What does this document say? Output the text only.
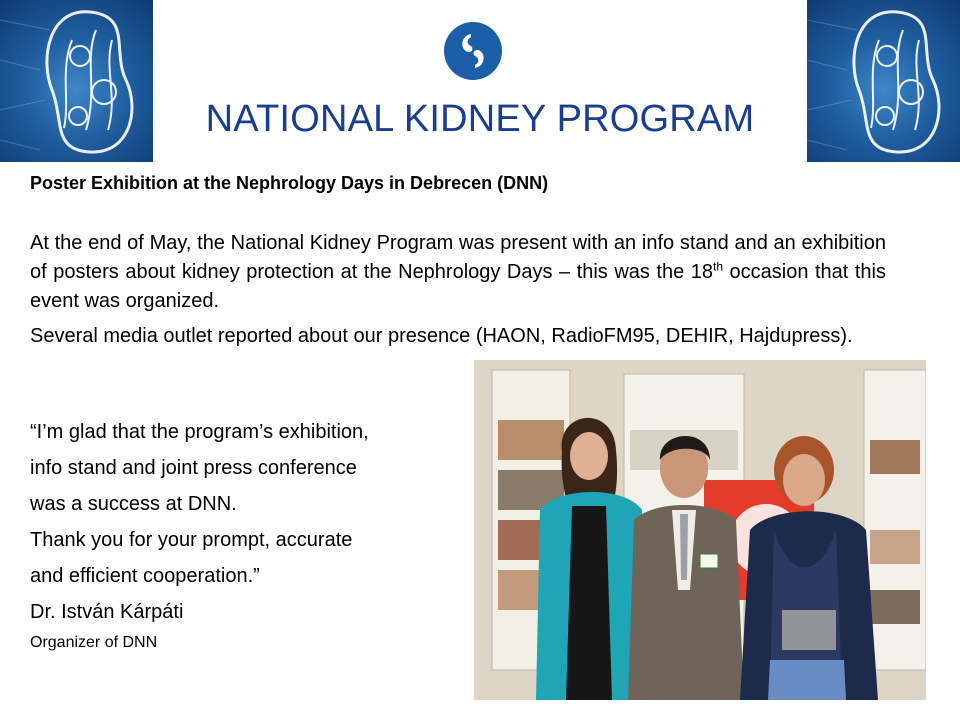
NATIONAL KIDNEY PROGRAM
Poster Exhibition at the Nephrology Days in Debrecen (DNN)
At the end of May, the National Kidney Program was present with an info stand and an exhibition of posters about kidney protection at the Nephrology Days – this was the 18th occasion that this event was organized.
Several media outlet reported about our presence (HAON, RadioFM95, DEHIR, Hajdupress).
“I’m glad that the program’s exhibition,
info stand and joint press conference
was a success at DNN.
Thank you for your prompt, accurate
and efficient cooperation.”
Dr. István Kárpáti
Organizer of DNN
